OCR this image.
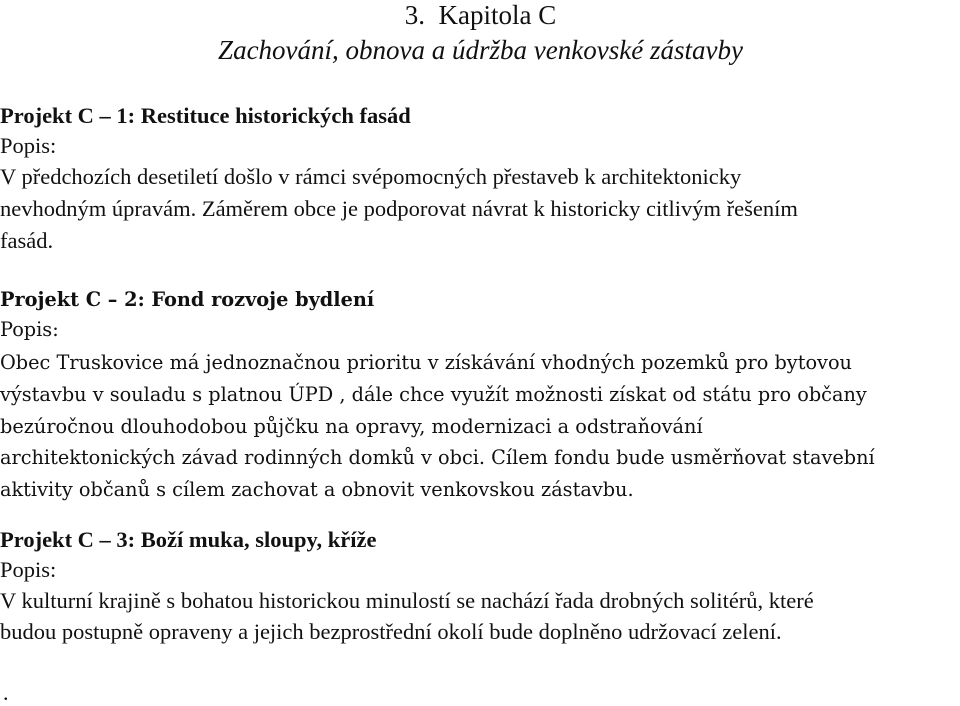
3. Kapitola C
Zachování, obnova a údržba venkovské zástavby

Projekt C – 1: Restituce historických fasád

Popis:

V předchozích desetiletí došlo v rámci svépomocných přestaveb k architektonicky
nevhodným úpravám. Záměrem obce je podporovat návrat k historicky citlivým řešením
fasád.

Projekt C – 2: Fond rozvoje bydlení

Popis:

Obec Truskovice má jednoznačnou prioritu v získávání vhodných pozemků pro bytovou
výstavbu v souladu s platnou ÚPD , dále chce využít možnosti získat od státu pro občany
bezúročnou dlouhodobou půjčku na opravy, modernizaci a odstraňování
architektonických závad rodinných domků v obci. Cílem fondu bude usměrňovat stavební
aktivity občanů s cílem zachovat a obnovit venkovskou zástavbu.

Projekt C – 3: Boží muka, sloupy, kříže

Popis:

V kulturní krajině s bohatou historickou minulostí se nachází řada drobných solitérů, které
budou postupně opraveny a jejich bezprostřední okolí bude doplněno udržovací zelení.
.
